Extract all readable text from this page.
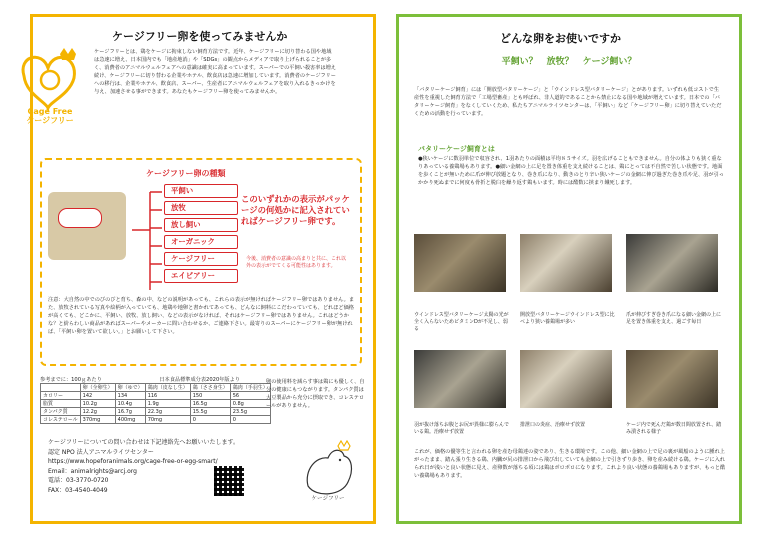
ケージフリー卵を使ってみませんか
Cage Free
ケージフリー
ケージフリーとは、鶏をケージに拘束しない飼育方法です。近年、ケージフリーに切り替わる国や地域は急速に増え、日本国内でも「地産地消」や「SDGs」の観点からメディアで取り上げられることが多く、消費者のアニマルウェルフェアへの意識は確実に高まっています。スーパーでの平飼い殺害率は増え続け、ケージフリーに切り替わる企業やホテル、飲食店は急速に増加しています。消費者のケージフリーへの移行は、企業やホテル、飲食店、スーパー、生産者にアニマルウェルフェアを取り入れるきっかけを与え、加速させる事ができます。あなたもケージフリー卵を使ってみませんか。
ケージフリー卵の種類
平飼い
放牧
放し飼い
オーガニック
ケージフリー
エイビアリー
このいずれかの表示がパッケージの何処かに記入されていればケージフリー卵です。
今後、消費者の意識の高まりと共に、これ以外の表示がでてくる可能性はあります。
注意：大自然の中でのびのびと育ち、森の中、などの説明があっても、これらの表示が無ければケージフリー卵ではありません。また、放牧されている写真や絵柄が入っていても、地鶏や地卵と書かれてあっても、どんなに飼料にこだわっていても、どれほど価格が高くても、どこかに、平飼い、放牧、放し飼い、などの表示がなければ、それはケージフリー卵ではありません。これはどうかな？と紛らわしい商品があればスーパーやメーカーに問い合わせるか、ご連絡下さい。最寄りのスーパーにケージフリー卵が無ければ、「平飼い卵を置いて欲しい。」とお願いして下さい。
参考までに：100ｇあたり	日本食品標準成分表2020年版より
	卵（全卵生）	卵（ゆで）	鶏肉（皮なし生）	鶏（ささ身生）	鶏肉（手羽生）
カロリー	142	134	116	150	56
脂質	10.2g	10.4g	1.9g	16.5g	0.8g
タンパク質	12.2g	16.7g	22.3g	15.5g	23.5g
コレステロール	370mg	400mg	70mg	0	0
卵の使用料を減らす事は鶏にも優しく、自分の健康にもつながります。タンパク質は大豆製品から充分に摂取でき、コレステロールがありません。
ケージフリーについての問い合わせは下記連絡先へお願いいたします。
認定 NPO 法人アニマルライツセンター
https://www.hopeforanimals.org/cage-free-or-egg-smart/
Email：animalrights@arcj.org
電話：03-3770-0720
FAX：03-4540-4049
ケージフリー
どんな卵をお使いですか
平飼い？　放牧？　ケージ飼い？
「バタリーケージ飼育」には「開放型バタリーケージ」と「ウインドレス型バタリーケージ」とがあります。いずれも低コストで生産性を重視した飼育方法で「工場型畜産」とも呼ばれ、非人道的であることから禁止になる国や地域が増えています。日本での「バタリーケージ飼育」をなくしていくため、私たちアニマルライツセンターは、「平飼い」など「ケージフリー卵」に切り替えていただくための活動を行っています。
バタリーケージ飼育とは
●狭いケージに数羽単位で収容され、1羽あたりの面積は平均８５サイズ。羽を広げることもできません。自分の体よりも狭く重なりあっている養鶏場もあります。●細い金網の上に足を置き体重を支え続けることは、鶏にとっては不自然で苦しい状態です。地面を歩くことが無いために爪が伸び放題となり、巻き爪になり、動きのとり辛い狭いケージの金網に伸び過ぎた巻き爪や足、羽が引っかかり死ぬまでに何度も骨折と脱臼を繰り返す鶏もいます。時には酷数に挟まり餓死します。
ウインドレス型バタリーケージ太陽の光が全く入らないためビタミンDが不足し、弱る
開放型バタリーケージウインドレス型に比べより狭い養鶏場が多い
爪が伸びすぎ巻き爪になる細い金網の上に足を置き体重を支え、過ごす毎日
羽が抜け落ちお腹とお尻が異様に膨らんでいる鶏。治療せず放置
排泄口の炎症、治療せず放置	ケージ内で死んだ鶏が数日間放置され、踏み潰される様子
これが、価格の優等生と言われる卵を産む母鶏達の姿であり、生きる環境です。この他、細い金網の上で足の裏が風船のように腫れ上がったまま、踏ん張り生きる鶏、内臓が尻の排泄口から飛び出していても金網の上で引きずり歩き、卵を産み続ける鶏。ケージに入れられ日が浅いと良い状態に見え、産卵数が落ちる頃には鶏はボロボロになります。これより良い状態の養鶏場もありますが、もっと酷い養鶏場もあります。
